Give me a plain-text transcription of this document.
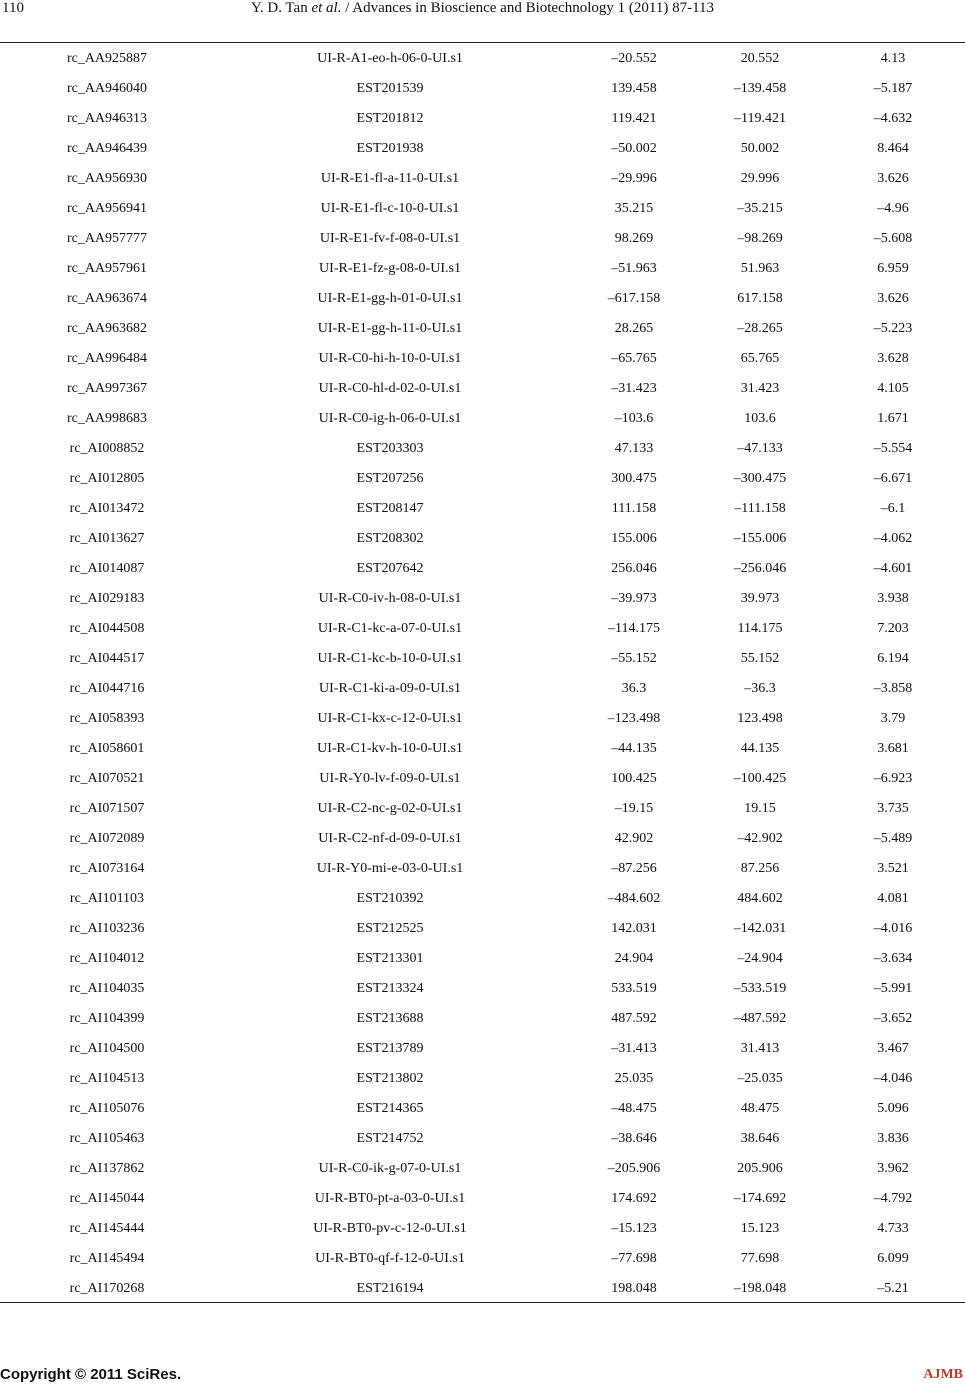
110	Y. D. Tan et al. / Advances in Bioscience and Biotechnology 1 (2011) 87-113
rc_AA925887	UI-R-A1-eo-h-06-0-UI.s1	–20.552	20.552	4.13
rc_AA946040	EST201539	139.458	–139.458	–5.187
rc_AA946313	EST201812	119.421	–119.421	–4.632
rc_AA946439	EST201938	–50.002	50.002	8.464
rc_AA956930	UI-R-E1-fl-a-11-0-UI.s1	–29.996	29.996	3.626
rc_AA956941	UI-R-E1-fl-c-10-0-UI.s1	35.215	–35.215	–4.96
rc_AA957777	UI-R-E1-fv-f-08-0-UI.s1	98.269	–98.269	–5.608
rc_AA957961	UI-R-E1-fz-g-08-0-UI.s1	–51.963	51.963	6.959
rc_AA963674	UI-R-E1-gg-h-01-0-UI.s1	–617.158	617.158	3.626
rc_AA963682	UI-R-E1-gg-h-11-0-UI.s1	28.265	–28.265	–5.223
rc_AA996484	UI-R-C0-hi-h-10-0-UI.s1	–65.765	65.765	3.628
rc_AA997367	UI-R-C0-hl-d-02-0-UI.s1	–31.423	31.423	4.105
rc_AA998683	UI-R-C0-ig-h-06-0-UI.s1	–103.6	103.6	1.671
rc_AI008852	EST203303	47.133	–47.133	–5.554
rc_AI012805	EST207256	300.475	–300.475	–6.671
rc_AI013472	EST208147	111.158	–111.158	–6.1
rc_AI013627	EST208302	155.006	–155.006	–4.062
rc_AI014087	EST207642	256.046	–256.046	–4.601
rc_AI029183	UI-R-C0-iv-h-08-0-UI.s1	–39.973	39.973	3.938
rc_AI044508	UI-R-C1-kc-a-07-0-UI.s1	–114.175	114.175	7.203
rc_AI044517	UI-R-C1-kc-b-10-0-UI.s1	–55.152	55.152	6.194
rc_AI044716	UI-R-C1-ki-a-09-0-UI.s1	36.3	–36.3	–3.858
rc_AI058393	UI-R-C1-kx-c-12-0-UI.s1	–123.498	123.498	3.79
rc_AI058601	UI-R-C1-kv-h-10-0-UI.s1	–44.135	44.135	3.681
rc_AI070521	UI-R-Y0-lv-f-09-0-UI.s1	100.425	–100.425	–6.923
rc_AI071507	UI-R-C2-nc-g-02-0-UI.s1	–19.15	19.15	3.735
rc_AI072089	UI-R-C2-nf-d-09-0-UI.s1	42.902	–42.902	–5.489
rc_AI073164	UI-R-Y0-mi-e-03-0-UI.s1	–87.256	87.256	3.521
rc_AI101103	EST210392	–484.602	484.602	4.081
rc_AI103236	EST212525	142.031	–142.031	–4.016
rc_AI104012	EST213301	24.904	–24.904	–3.634
rc_AI104035	EST213324	533.519	–533.519	–5.991
rc_AI104399	EST213688	487.592	–487.592	–3.652
rc_AI104500	EST213789	–31.413	31.413	3.467
rc_AI104513	EST213802	25.035	–25.035	–4.046
rc_AI105076	EST214365	–48.475	48.475	5.096
rc_AI105463	EST214752	–38.646	38.646	3.836
rc_AI137862	UI-R-C0-ik-g-07-0-UI.s1	–205.906	205.906	3.962
rc_AI145044	UI-R-BT0-pt-a-03-0-UI.s1	174.692	–174.692	–4.792
rc_AI145444	UI-R-BT0-pv-c-12-0-UI.s1	–15.123	15.123	4.733
rc_AI145494	UI-R-BT0-qf-f-12-0-UI.s1	–77.698	77.698	6.099
rc_AI170268	EST216194	198.048	–198.048	–5.21
Copyright © 2011 SciRes.	AJMB
